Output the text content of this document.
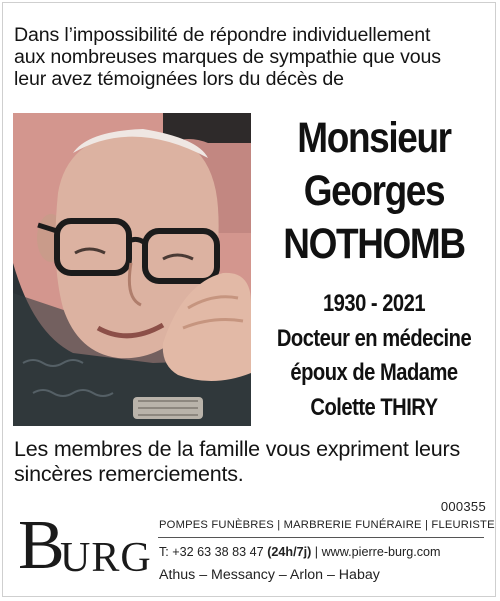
Dans l’impossibilité de répondre individuellement
aux nombreuses marques de sympathie que vous
leur avez témoignées lors du décès de
Monsieur
Georges
NOTHOMB
1930 - 2021
Docteur en médecine
époux de Madame
Colette THIRY
Les membres de la famille vous expriment leurs
sincères remerciements.
000355
B
URG
POMPES FUNÈBRES | MARBRERIE FUNÉRAIRE | FLEURISTE
T: +32 63 38 83 47 (24h/7j) | www.pierre-burg.com
Athus – Messancy – Arlon – Habay
